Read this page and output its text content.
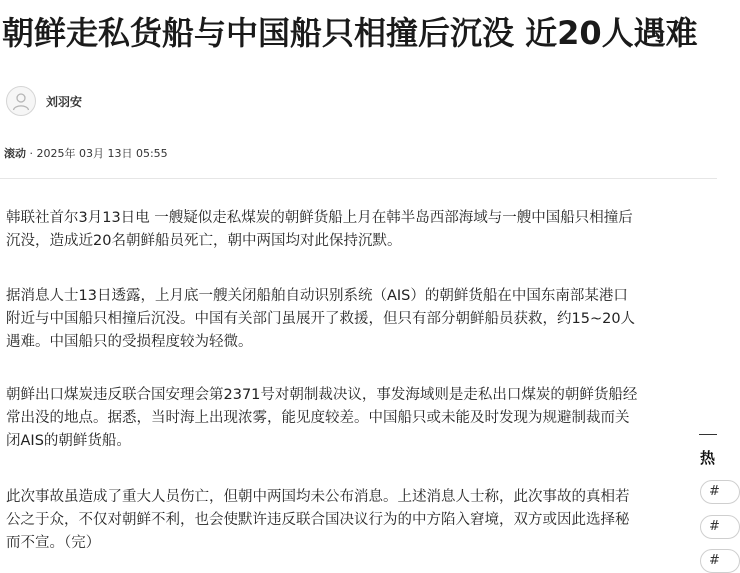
朝鲜走私货船与中国船只相撞后沉没 近20人遇难
刘羽安
滚动 · 2025年 03月 13日 05:55

韩联社首尔3月13日电 一艘疑似走私煤炭的朝鲜货船上月在韩半岛西部海域与一艘中国船只相撞后沉没，造成近20名朝鲜船员死亡，朝中两国均对此保持沉默。

据消息人士13日透露，上月底一艘关闭船舶自动识别系统（AIS）的朝鲜货船在中国东南部某港口附近与中国船只相撞后沉没。中国有关部门虽展开了救援，但只有部分朝鲜船员获救，约15~20人遇难。中国船只的受损程度较为轻微。

朝鲜出口煤炭违反联合国安理会第2371号对朝制裁决议，事发海域则是走私出口煤炭的朝鲜货船经常出没的地点。据悉，当时海上出现浓雾，能见度较差。中国船只或未能及时发现为规避制裁而关闭AIS的朝鲜货船。

此次事故虽造成了重大人员伤亡，但朝中两国均未公布消息。上述消息人士称，此次事故的真相若公之于众，不仅对朝鲜不利，也会使默许违反联合国决议行为的中方陷入窘境，双方或因此选择秘而不宣。（完）

热
#
#
#
